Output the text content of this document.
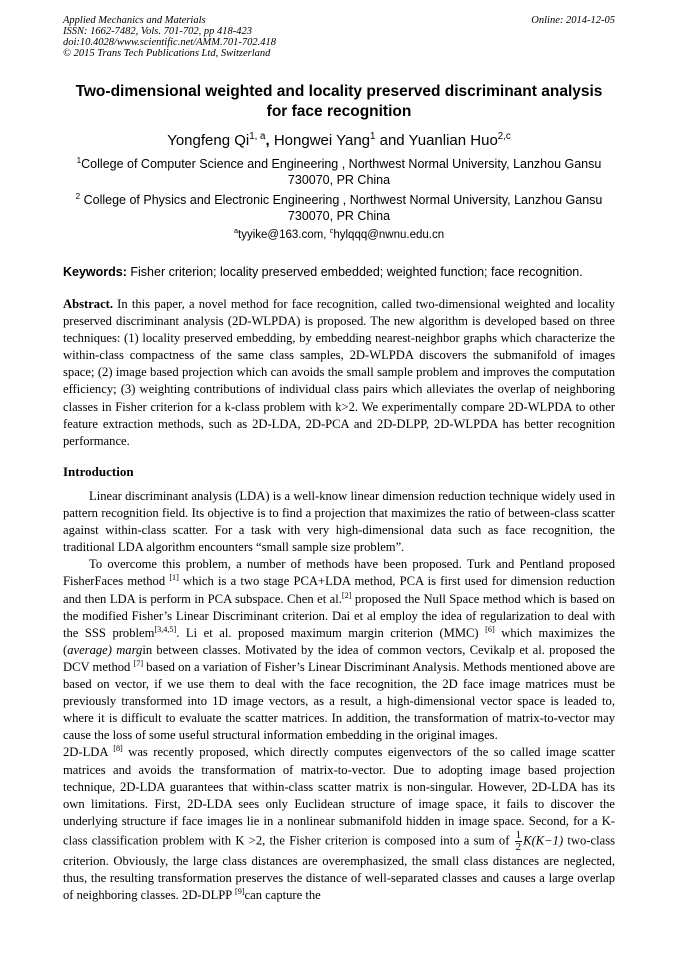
Applied Mechanics and Materials
ISSN: 1662-7482, Vols. 701-702, pp 418-423
doi:10.4028/www.scientific.net/AMM.701-702.418
© 2015 Trans Tech Publications Ltd, Switzerland
Online: 2014-12-05
Two-dimensional weighted and locality preserved discriminant analysis
for face recognition
Yongfeng Qi$^{1, a}$, Hongwei Yang$^1$ and Yuanlian Huo$^{2,c}$
$^1$College of Computer Science and Engineering , Northwest Normal University, Lanzhou Gansu
730070, PR China
$^2$ College of Physics and Electronic Engineering , Northwest Normal University, Lanzhou Gansu
730070, PR China
$^a$tyyike@163.com, $^c$hylqqq@nwnu.edu.cn
Keywords: Fisher criterion; locality preserved embedded; weighted function; face recognition.

Abstract. In this paper, a novel method for face recognition, called two-dimensional weighted and locality preserved discriminant analysis (2D-WLPDA) is proposed. The new algorithm is developed based on three techniques: (1) locality preserved embedding, by embedding nearest-neighbor graphs which characterize the within-class compactness of the same class samples, 2D-WLPDA discovers the submanifold of images space; (2) image based projection which can avoids the small sample problem and improves the computation efficiency; (3) weighting contributions of individual class pairs which alleviates the overlap of neighboring classes in Fisher criterion for a k-class problem with k>2. We experimentally compare 2D-WLPDA to other feature extraction methods, such as 2D-LDA, 2D-PCA and 2D-DLPP, 2D-WLPDA has better recognition performance.

Introduction

Linear discriminant analysis (LDA) is a well-know linear dimension reduction technique widely used in pattern recognition field. Its objective is to find a projection that maximizes the ratio of between-class scatter against within-class scatter. For a task with very high-dimensional data such as face recognition, the traditional LDA algorithm encounters “small sample size problem”.

To overcome this problem, a number of methods have been proposed. Turk and Pentland proposed FisherFaces method [1] which is a two stage PCA+LDA method, PCA is first used for dimension reduction and then LDA is perform in PCA subspace. Chen et al.[2] proposed the Null Space method which is based on the modified Fisher’s Linear Discriminant criterion. Dai et al employ the idea of regularization to deal with the SSS problem[3,4,5]. Li et al. proposed maximum margin criterion (MMC) [6] which maximizes the (average) margin between classes. Motivated by the idea of common vectors, Cevikalp et al. proposed the DCV method [7] based on a variation of Fisher’s Linear Discriminant Analysis. Methods mentioned above are based on vector, if we use them to deal with the face recognition, the 2D face image matrices must be previously transformed into 1D image vectors, as a result, a high-dimensional vector space is leaded to, where it is difficult to evaluate the scatter matrices. In addition, the transformation of matrix-to-vector may cause the loss of some useful structural information embedding in the original images.

2D-LDA [8] was recently proposed, which directly computes eigenvectors of the so called image scatter matrices and avoids the transformation of matrix-to-vector. Due to adopting image based projection technique, 2D-LDA guarantees that within-class scatter matrix is non-singular. However, 2D-LDA has its own limitations. First, 2D-LDA sees only Euclidean structure of image space, it fails to discover the underlying structure if face images lie in a nonlinear submanifold hidden in image space. Second, for a K-class classification problem with K >2, the Fisher criterion is composed into a sum of $\frac{1}{2} K(K-1)$ two-class criterion. Obviously, the large class distances are overemphasized, the small class distances are neglected, thus, the resulting transformation preserves the distance of well-separated classes and causes a large overlap of neighboring classes. 2D-DLPP [9]can capture the
